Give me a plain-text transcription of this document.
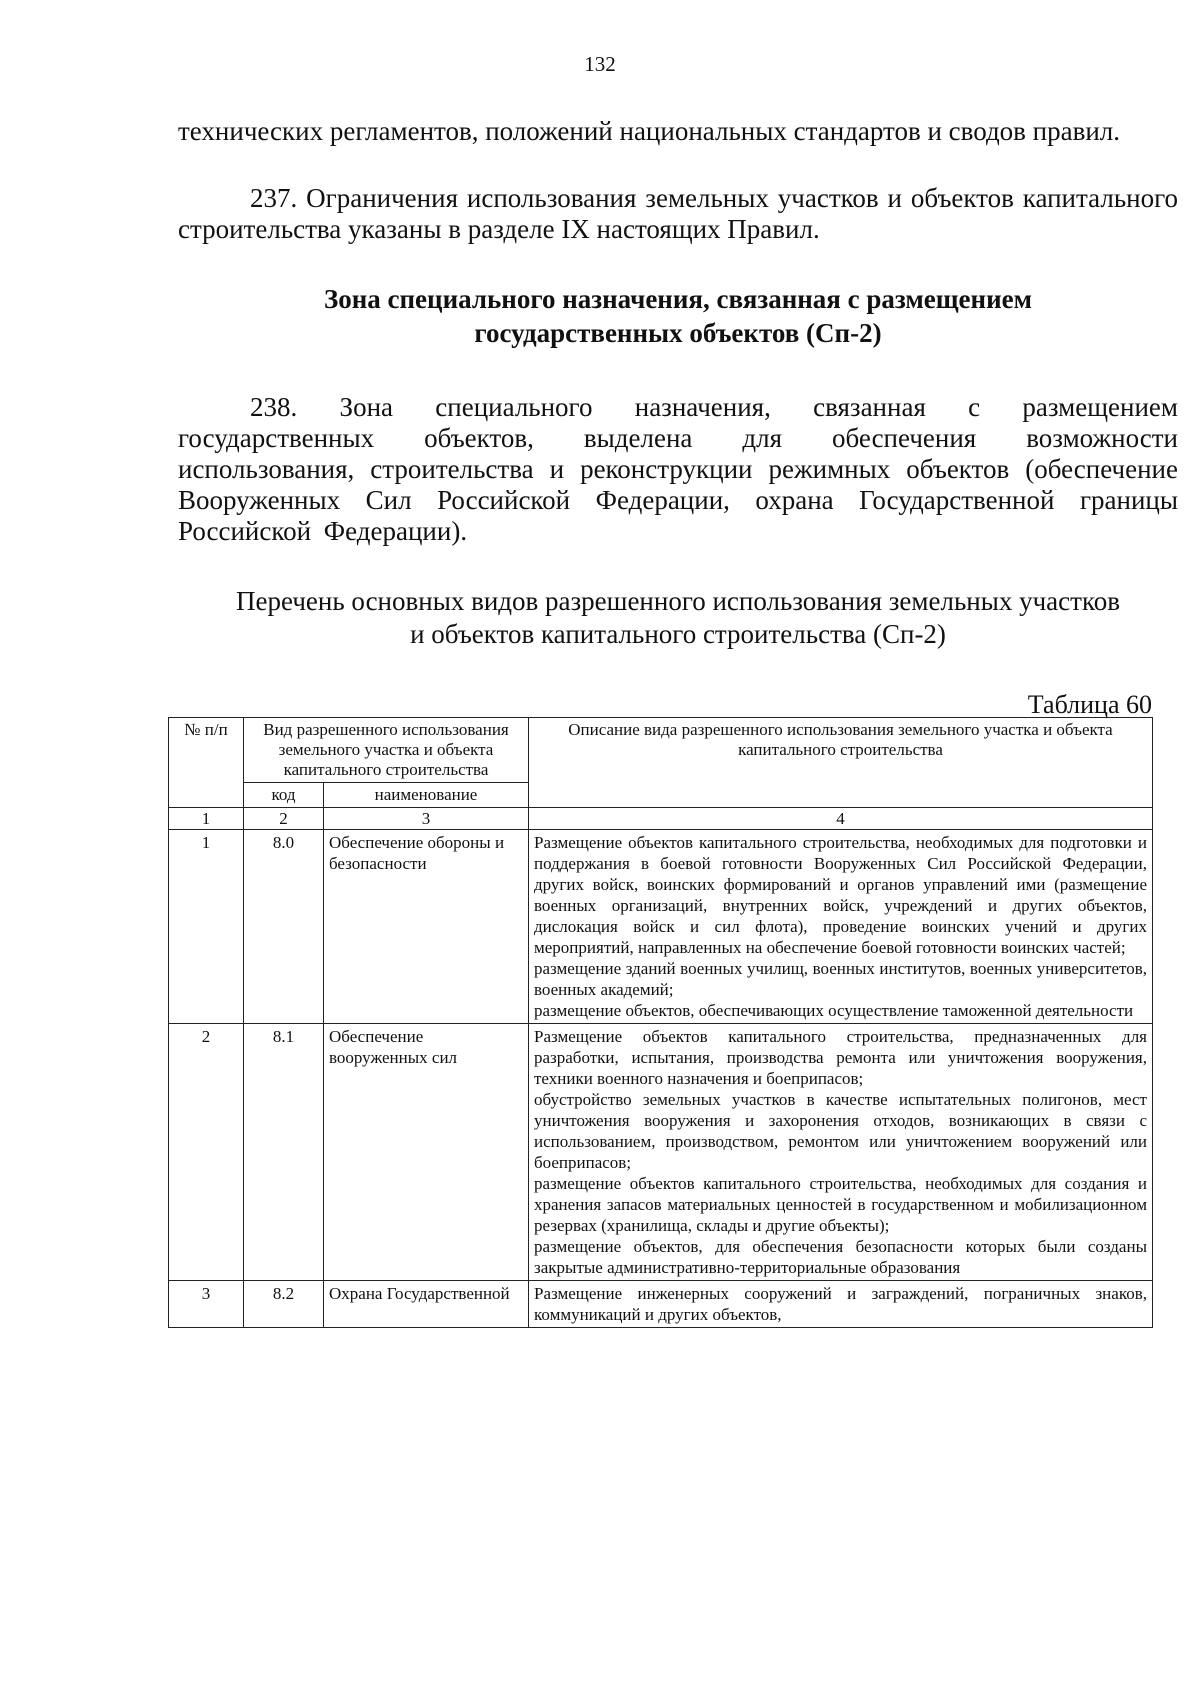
132
технических регламентов, положений национальных стандартов и сводов правил.
237. Ограничения использования земельных участков и объектов капитального строительства указаны в разделе IX настоящих Правил.
Зона специального назначения, связанная с размещением
государственных объектов (Сп-2)
238. Зона специального назначения, связанная с размещением государственных объектов, выделена для обеспечения возможности использования, строительства и реконструкции режимных объектов (обеспечение Вооруженных Сил Российской Федерации, охрана Государственной границы Российской Федерации).
Перечень основных видов разрешенного использования земельных участков
и объектов капитального строительства (Сп-2)
Таблица 60
№ п/п	Вид разрешенного использования земельного участка и объекта капитального строительства		Описание вида разрешенного использования земельного участка и объекта капитального строительства
	код	наименование	
1	2	3	4
1	8.0	Обеспечение обороны и безопасности	Размещение объектов капитального строительства, необходимых для подготовки и поддержания в боевой готовности Вооруженных Сил Российской Федерации, других войск, воинских формирований и органов управлений ими (размещение военных организаций, внутренних войск, учреждений и других объектов, дислокация войск и сил флота), проведение воинских учений и других мероприятий, направленных на обеспечение боевой готовности воинских частей;
размещение зданий военных училищ, военных институтов, военных университетов, военных академий;
размещение объектов, обеспечивающих осуществление таможенной деятельности

2	8.1	Обеспечение вооруженных сил	Размещение объектов капитального строительства, предназначенных для разработки, испытания, производства ремонта или уничтожения вооружения, техники военного назначения и боеприпасов;
обустройство земельных участков в качестве испытательных полигонов, мест уничтожения вооружения и захоронения отходов, возникающих в связи с использованием, производством, ремонтом или уничтожением вооружений или боеприпасов;
размещение объектов капитального строительства, необходимых для создания и хранения запасов материальных ценностей в государственном и мобилизационном резервах (хранилища, склады и другие объекты);
размещение объектов, для обеспечения безопасности которых были созданы закрытые административно-территориальные образования

3	8.2	Охрана Государственной	Размещение инженерных сооружений и заграждений, пограничных знаков, коммуникаций и других объектов,
